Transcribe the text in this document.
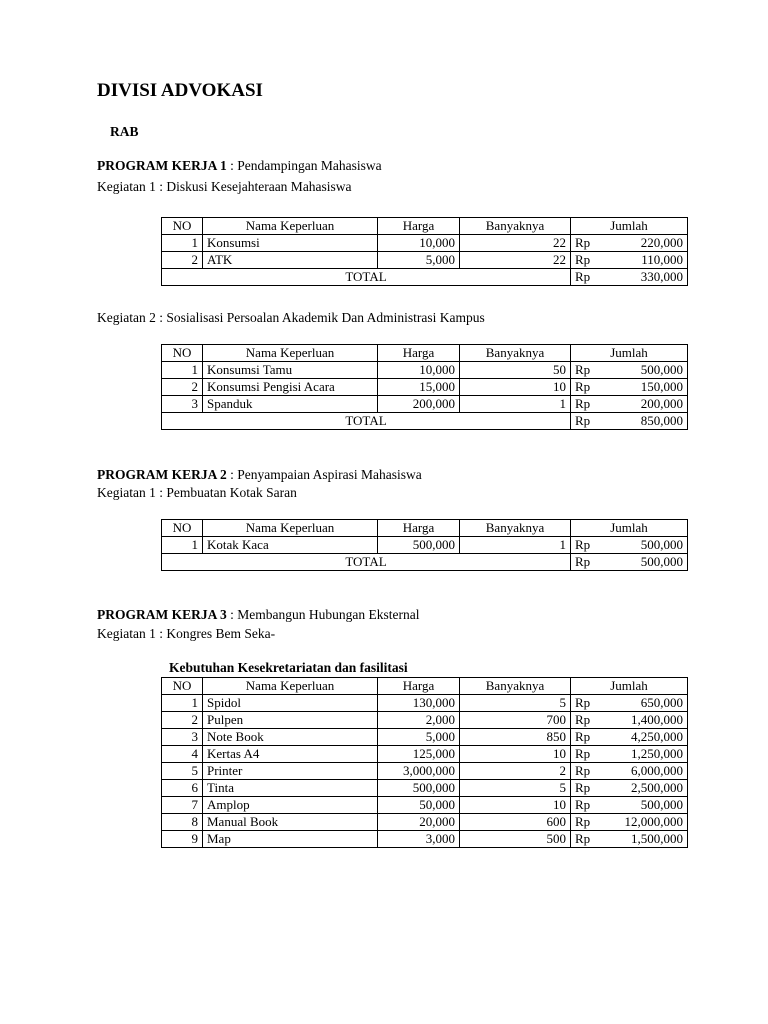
DIVISI ADVOKASI
RAB
PROGRAM KERJA 1 : Pendampingan Mahasiswa
Kegiatan 1 : Diskusi Kesejahteraan Mahasiswa
NO	Nama Keperluan	Harga	Banyaknya	Jumlah	
1	Konsumsi	10,000	22	Rp	220,000
2	ATK	5,000	22	Rp	110,000
TOTAL				Rp	330,000
Kegiatan 2 : Sosialisasi Persoalan Akademik Dan Administrasi Kampus
NO	Nama Keperluan	Harga	Banyaknya	Jumlah	
1	Konsumsi Tamu	10,000	50	Rp	500,000
2	Konsumsi Pengisi Acara	15,000	10	Rp	150,000
3	Spanduk	200,000	1	Rp	200,000
TOTAL				Rp	850,000
PROGRAM KERJA 2 : Penyampaian Aspirasi Mahasiswa
Kegiatan 1 : Pembuatan Kotak Saran
NO	Nama Keperluan	Harga	Banyaknya	Jumlah	
1	Kotak Kaca	500,000	1	Rp	500,000
TOTAL				Rp	500,000
PROGRAM KERJA 3 : Membangun Hubungan Eksternal
Kegiatan 1 : Kongres Bem Seka-
Kebutuhan Kesekretariatan dan fasilitasi
NO	Nama Keperluan	Harga	Banyaknya	Jumlah	
1	Spidol	130,000	5	Rp	650,000
2	Pulpen	2,000	700	Rp	1,400,000
3	Note Book	5,000	850	Rp	4,250,000
4	Kertas A4	125,000	10	Rp	1,250,000
5	Printer	3,000,000	2	Rp	6,000,000
6	Tinta	500,000	5	Rp	2,500,000
7	Amplop	50,000	10	Rp	500,000
8	Manual Book	20,000	600	Rp	12,000,000
9	Map	3,000	500	Rp	1,500,000
